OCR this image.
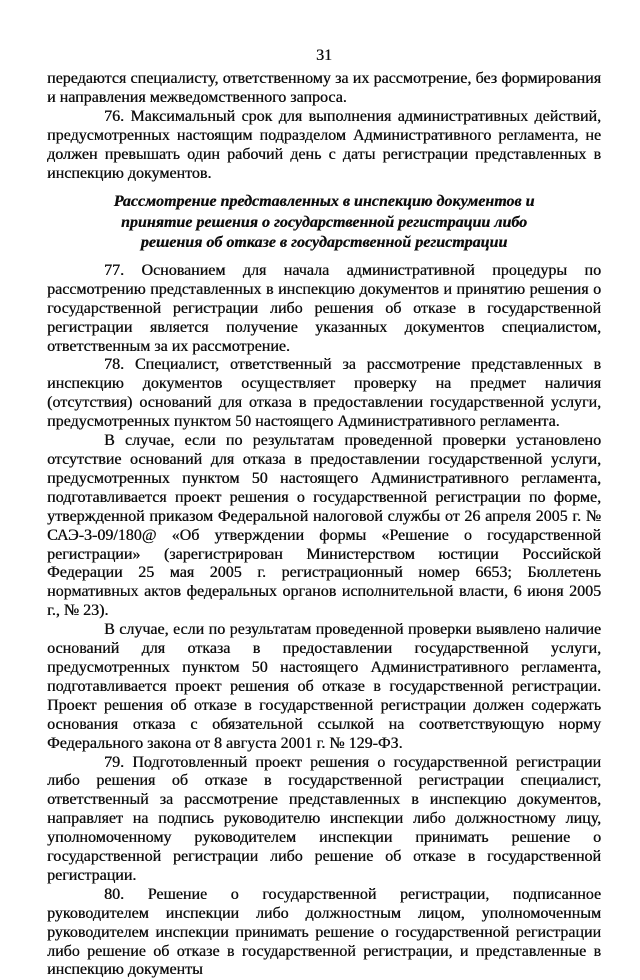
31

передаются специалисту, ответственному за их рассмотрение, без формирования и направления межведомственного запроса.

76. Максимальный срок для выполнения административных действий, предусмотренных настоящим подразделом Административного регламента, не должен превышать один рабочий день с даты регистрации представленных в инспекцию документов.

Рассмотрение представленных в инспекцию документов и принятие решения о государственной регистрации либо решения об отказе в государственной регистрации

77. Основанием для начала административной процедуры по рассмотрению представленных в инспекцию документов и принятию решения о государственной регистрации либо решения об отказе в государственной регистрации является получение указанных документов специалистом, ответственным за их рассмотрение.

78. Специалист, ответственный за рассмотрение представленных в инспекцию документов осуществляет проверку на предмет наличия (отсутствия) оснований для отказа в предоставлении государственной услуги, предусмотренных пунктом 50 настоящего Административного регламента.

В случае, если по результатам проведенной проверки установлено отсутствие оснований для отказа в предоставлении государственной услуги, предусмотренных пунктом 50 настоящего Административного регламента, подготавливается проект решения о государственной регистрации по форме, утвержденной приказом Федеральной налоговой службы от 26 апреля 2005 г. № САЭ-3-09/180@ «Об утверждении формы «Решение о государственной регистрации» (зарегистрирован Министерством юстиции Российской Федерации 25 мая 2005 г. регистрационный номер 6653; Бюллетень нормативных актов федеральных органов исполнительной власти, 6 июня 2005 г., № 23).

В случае, если по результатам проведенной проверки выявлено наличие оснований для отказа в предоставлении государственной услуги, предусмотренных пунктом 50 настоящего Административного регламента, подготавливается проект решения об отказе в государственной регистрации. Проект решения об отказе в государственной регистрации должен содержать основания отказа с обязательной ссылкой на соответствующую норму Федерального закона от 8 августа 2001 г. № 129-ФЗ.

79. Подготовленный проект решения о государственной регистрации либо решения об отказе в государственной регистрации специалист, ответственный за рассмотрение представленных в инспекцию документов, направляет на подпись руководителю инспекции либо должностному лицу, уполномоченному руководителем инспекции принимать решение о государственной регистрации либо решение об отказе в государственной регистрации.

80. Решение о государственной регистрации, подписанное руководителем инспекции либо должностным лицом, уполномоченным руководителем инспекции принимать решение о государственной регистрации либо решение об отказе в государственной регистрации, и представленные в инспекцию документы
